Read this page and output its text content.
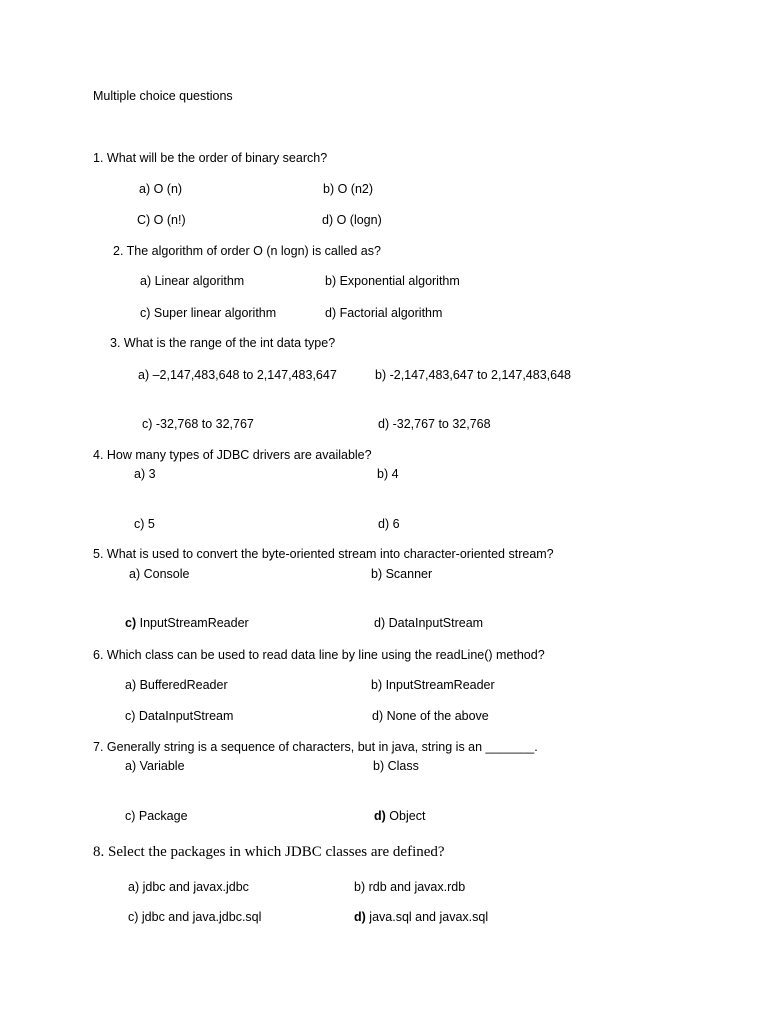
Multiple choice questions
1. What will be the order of binary search?
a) O (n)	b) O (n2)
C) O (n!)	d) O (logn)
2. The algorithm of order O (n logn) is called as?
a) Linear algorithm	b) Exponential algorithm
c) Super linear algorithm	d) Factorial algorithm
3. What is the range of the int data type?
a) –2,147,483,648 to 2,147,483,647	b) -2,147,483,647 to 2,147,483,648
c) -32,768 to 32,767	d) -32,767 to 32,768
4. How many types of JDBC drivers are available?
a) 3	b) 4
c) 5	d) 6
5. What is used to convert the byte-oriented stream into character-oriented stream?
a) Console	b) Scanner
c) InputStreamReader	d) DataInputStream
6. Which class can be used to read data line by line using the readLine() method?
a) BufferedReader	b) InputStreamReader
c) DataInputStream	d) None of the above
7. Generally string is a sequence of characters, but in java, string is an _______.
a) Variable	b) Class
c) Package	d) Object
8. Select the packages in which JDBC classes are defined?
a) jdbc and javax.jdbc	b) rdb and javax.rdb
c) jdbc and java.jdbc.sql	d) java.sql and javax.sql
